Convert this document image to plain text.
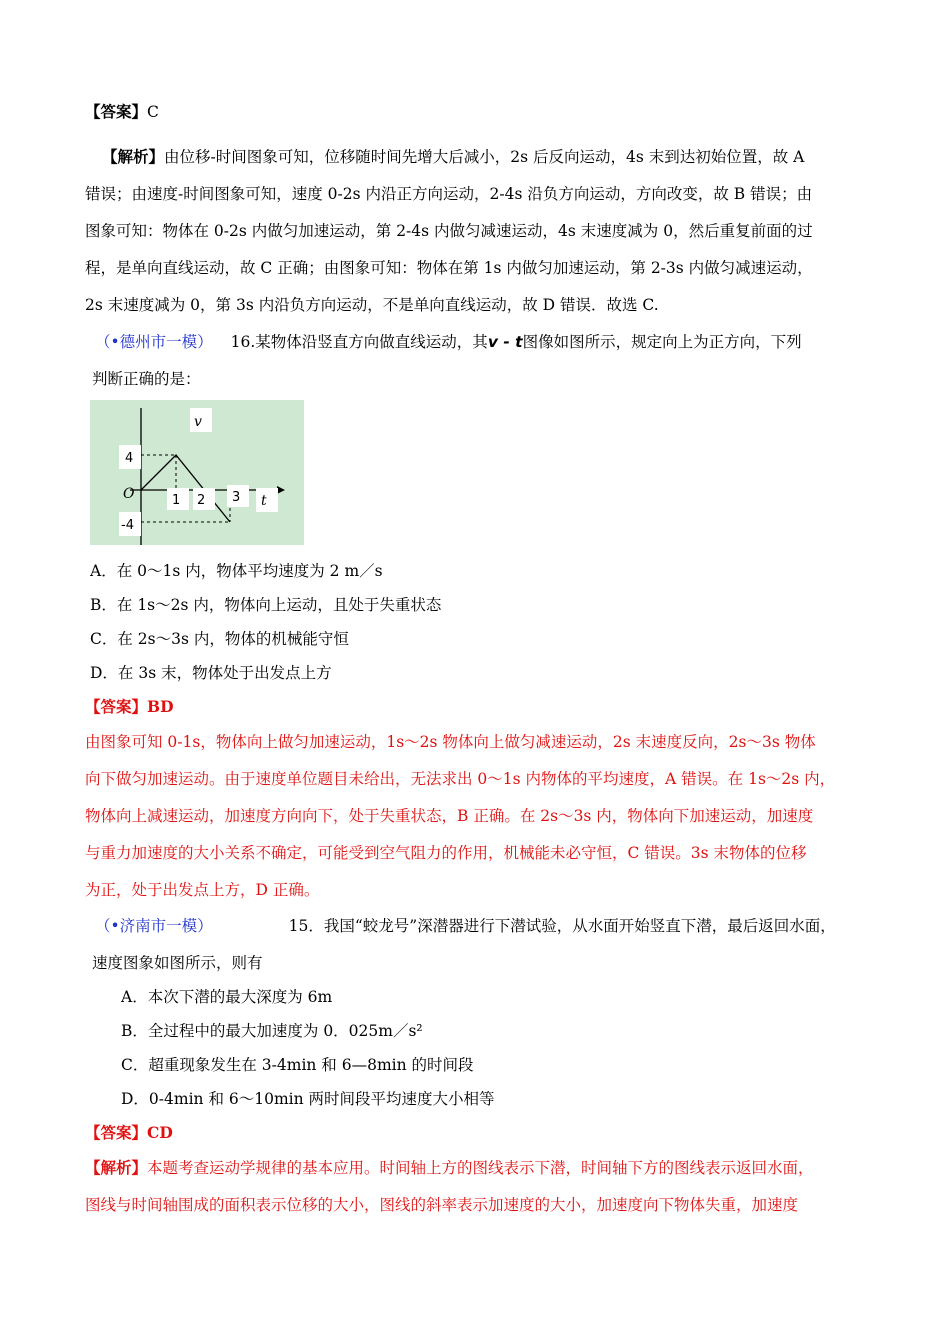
【答案】C
【解析】由位移-时间图象可知，位移随时间先增大后减小，2s 后反向运动，4s 末到达初始位置，故 A
错误；由速度-时间图象可知，速度 0-2s 内沿正方向运动，2-4s 沿负方向运动，方向改变，故 B 错误；由
图象可知：物体在 0-2s 内做匀加速运动，第 2-4s 内做匀减速运动，4s 末速度减为 0，然后重复前面的过
程，是单向直线运动，故 C 正确；由图象可知：物体在第 1s 内做匀加速运动，第 2-3s 内做匀减速运动，
2s 末速度减为 0，第 3s 内沿负方向运动，不是单向直线运动，故 D 错误．故选 C.
（•德州市一模） 16.某物体沿竖直方向做直线运动，其v - t图像如图所示，规定向上为正方向，下列
判断正确的是：
v
4
O
-4
1 2 3 t
A．在 0～1s 内，物体平均速度为 2 m／s
B．在 1s～2s 内，物体向上运动，且处于失重状态
C．在 2s～3s 内，物体的机械能守恒
D．在 3s 末，物体处于出发点上方
【答案】BD
由图象可知 0-1s，物体向上做匀加速运动，1s～2s 物体向上做匀减速运动，2s 末速度反向，2s～3s 物体
向下做匀加速运动。由于速度单位题目未给出，无法求出 0～1s 内物体的平均速度，A 错误。在 1s～2s 内，
物体向上减速运动，加速度方向向下，处于失重状态，B 正确。在 2s～3s 内，物体向下加速运动，加速度
与重力加速度的大小关系不确定，可能受到空气阻力的作用，机械能未必守恒，C 错误。3s 末物体的位移
为正，处于出发点上方，D 正确。
（•济南市一模）	15．我国“蛟龙号”深潜器进行下潜试验，从水面开始竖直下潜，最后返回水面，
速度图象如图所示，则有
A．本次下潜的最大深度为 6m
B．全过程中的最大加速度为 0．025m／s²
C．超重现象发生在 3-4min 和 6—8min 的时间段
D．0-4min 和 6～10min 两时间段平均速度大小相等
【答案】CD
【解析】本题考查运动学规律的基本应用。时间轴上方的图线表示下潜，时间轴下方的图线表示返回水面，
图线与时间轴围成的面积表示位移的大小，图线的斜率表示加速度的大小，加速度向下物体失重，加速度
